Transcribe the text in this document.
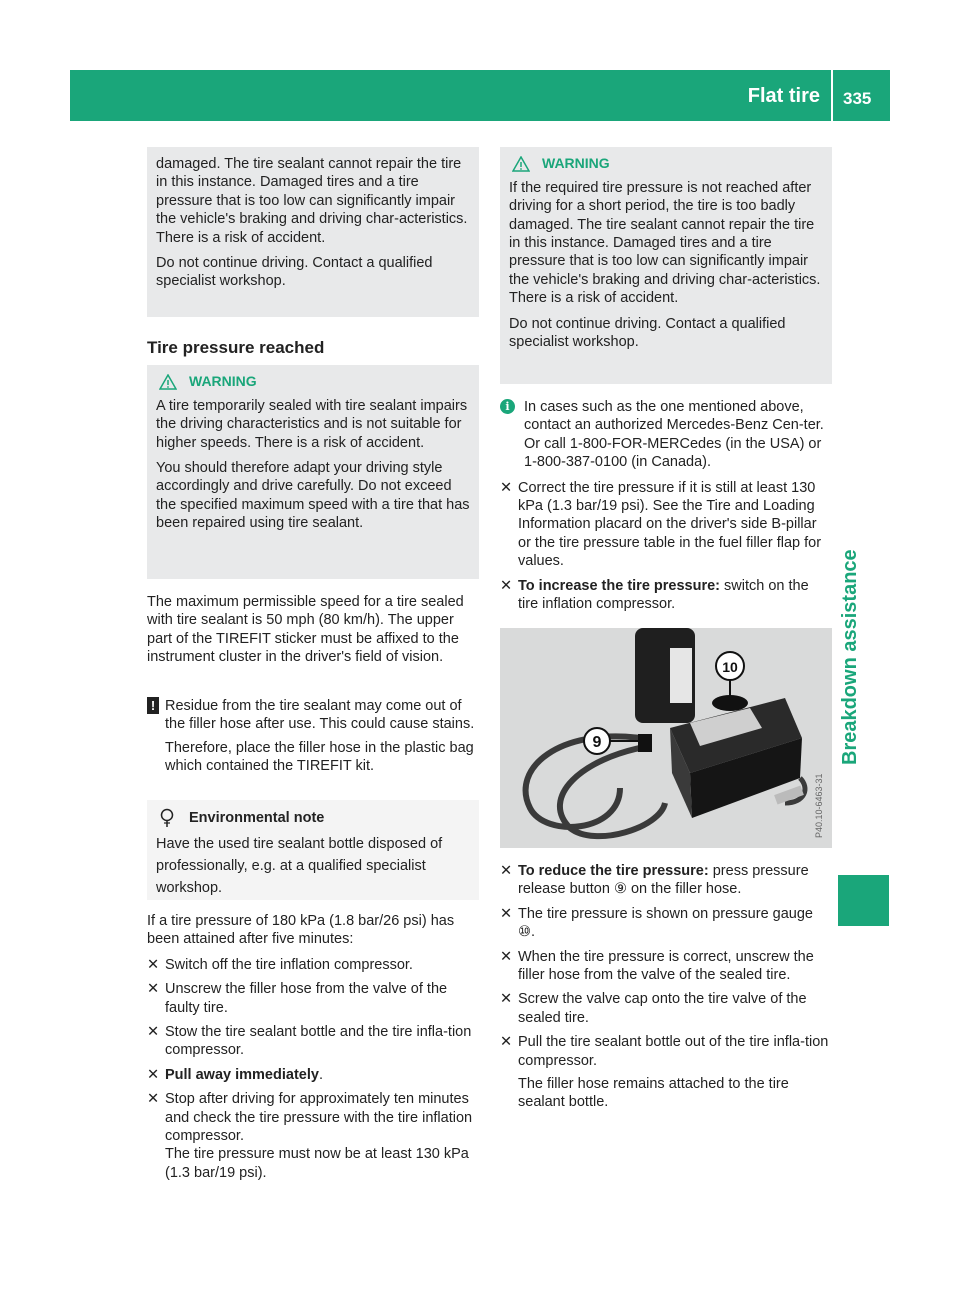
Flat tire 335
Breakdown assistance

damaged. The tire sealant cannot repair the tire in this instance. Damaged tires and a tire pressure that is too low can significantly impair the vehicle's braking and driving char-acteristics. There is a risk of accident.

Do not continue driving. Contact a qualified specialist workshop.

Tire pressure reached
WARNING

A tire temporarily sealed with tire sealant impairs the driving characteristics and is not suitable for higher speeds. There is a risk of accident.

You should therefore adapt your driving style accordingly and drive carefully. Do not exceed the specified maximum speed with a tire that has been repaired using tire sealant.

The maximum permissible speed for a tire sealed with tire sealant is 50 mph (80 km/h). The upper part of the TIREFIT sticker must be affixed to the instrument cluster in the driver's field of vision.

! Residue from the tire sealant may come out of the filler hose after use. This could cause stains.

Therefore, place the filler hose in the plastic bag which contained the TIREFIT kit.

Environmental note

Have the used tire sealant bottle disposed of professionally, e.g. at a qualified specialist workshop.

If a tire pressure of 180 kPa (1.8 bar/26 psi) has been attained after five minutes:

✕ Switch off the tire inflation compressor.
✕ Unscrew the filler hose from the valve of the faulty tire.
✕ Stow the tire sealant bottle and the tire infla-tion compressor.
✕ Pull away immediately.
✕ Stop after driving for approximately ten minutes and check the tire pressure with the tire inflation compressor.
The tire pressure must now be at least 130 kPa (1.3 bar/19 psi).
WARNING

If the required tire pressure is not reached after driving for a short period, the tire is too badly damaged. The tire sealant cannot repair the tire in this instance. Damaged tires and a tire pressure that is too low can significantly impair the vehicle's braking and driving char-acteristics. There is a risk of accident.

Do not continue driving. Contact a qualified specialist workshop.

i In cases such as the one mentioned above, contact an authorized Mercedes-Benz Cen-ter. Or call 1-800-FOR-MERCedes (in the USA) or 1-800-387-0100 (in Canada).
✕ Correct the tire pressure if it is still at least 130 kPa (1.3 bar/19 psi). See the Tire and Loading Information placard on the driver's side B-pillar or the tire pressure table in the fuel filler flap for values.
✕ To increase the tire pressure: switch on the tire inflation compressor.
9
10
P40.10-6463-31
✕ To reduce the tire pressure: press pressure release button ⑨ on the filler hose.
✕ The tire pressure is shown on pressure gauge ⑩.
✕ When the tire pressure is correct, unscrew the filler hose from the valve of the sealed tire.
✕ Screw the valve cap onto the tire valve of the sealed tire.
✕ Pull the tire sealant bottle out of the tire infla-tion compressor.
The filler hose remains attached to the tire sealant bottle.
